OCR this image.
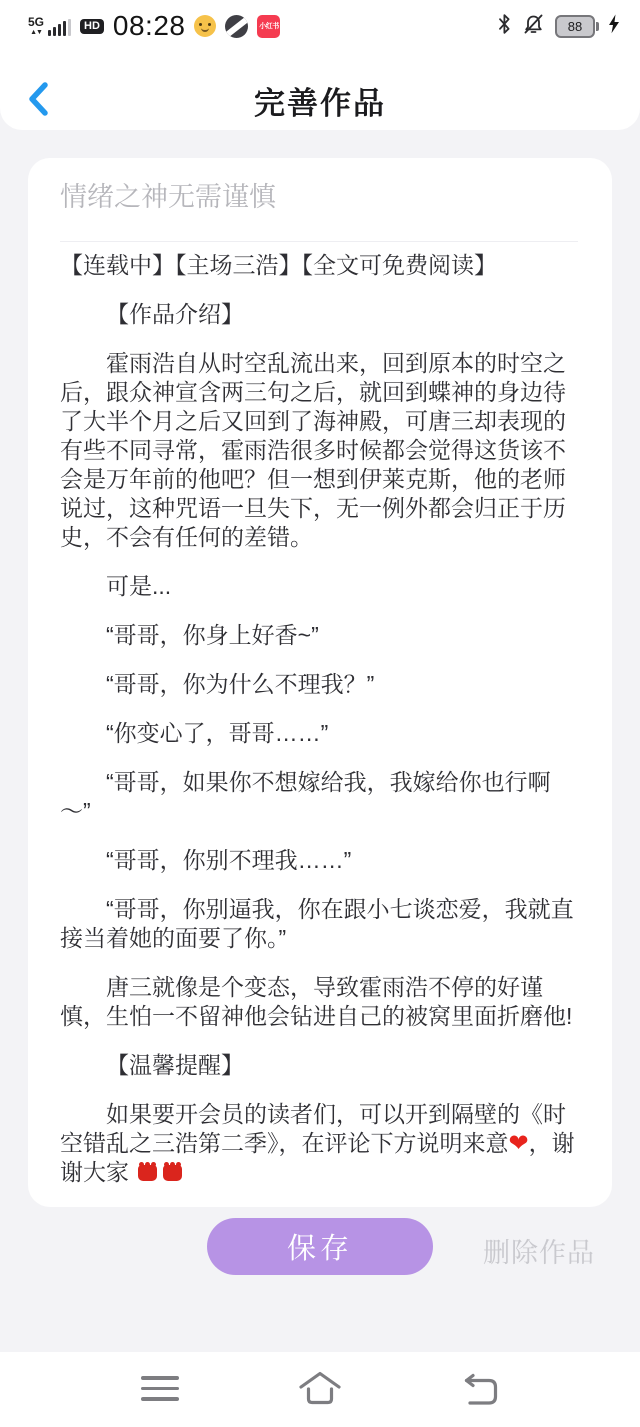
5G
▲▼
HD 08:28	小红书	88
完善作品
情绪之神无需谨慎

【连载中】【主场三浩】【全文可免费阅读】

【作品介绍】

霍雨浩自从时空乱流出来，回到原本的时空之后，跟众神宣含两三句之后，就回到蝶神的身边待了大半个月之后又回到了海神殿，可唐三却表现的有些不同寻常，霍雨浩很多时候都会觉得这货该不会是万年前的他吧？但一想到伊莱克斯，他的老师说过，这种咒语一旦失下，无一例外都会归正于历史，不会有任何的差错。

可是...

“哥哥，你身上好香~”

“哥哥，你为什么不理我？”

“你变心了，哥哥……”

“哥哥，如果你不想嫁给我，我嫁给你也行啊～”

“哥哥，你别不理我……”

“哥哥，你别逼我，你在跟小七谈恋爱，我就直接当着她的面要了你。”

唐三就像是个变态，导致霍雨浩不停的好谨慎，生怕一不留神他会钻进自己的被窝里面折磨他!

【温馨提醒】

如果要开会员的读者们，可以开到隔壁的《时空错乱之三浩第二季》，在评论下方说明来意❤，谢谢大家

保存	删除作品
